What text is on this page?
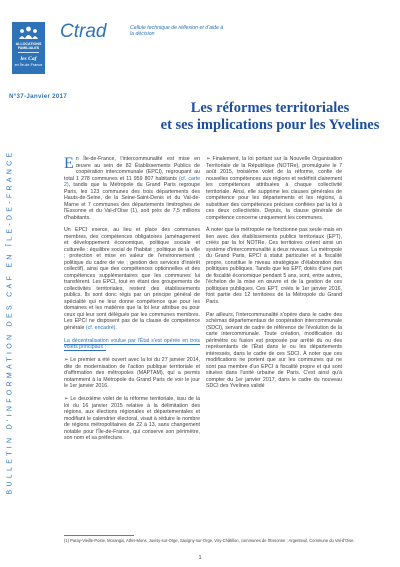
ALLOCATIONS FAMILIALES
les Caf
en Île-de-France
Ctrad	Cellule technique de réflexion et d'aide à la décision
N°37-Janvier 2017
BULLETIN D'INFORMATION DES CAF EN ÎLE-DE-FRANCE
Les réformes territoriales
et ses implications pour les Yvelines

En Île-de-France, l'intercommunalité est mise en œuvre au sein de 82 Établissements Publics de coopération intercommunale (EPCI), regroupant au total 1 278 communes et 11 959 807 habitants (cf. carte 2), tandis que la Métropole du Grand Paris regroupe Paris, les 123 communes des trois départements des Hauts-de-Seine, de la Seine-Saint-Denis et du Val-de-Marne et 7 communes des départements limitrophes de l'Essonne et du Val-d'Oise (1), soit près de 7,5 millions d'habitants.

Un EPCI exerce, au lieu et place des communes membres, des compétences obligatoires (aménagement et développement économique, politique sociale et culturelle : équilibre social de l'habitat ; politique de la ville ; protection et mise en valeur de l'environnement ; politique du cadre de vie ; gestion des services d'intérêt collectif), ainsi que des compétences optionnelles et des compétences supplémentaires que les communes lui transfèrent. Les EPCI, tout en étant des groupements de collectivités territoriales, restent des établissements publics. Ils sont donc régis par un principe général de spécialité qui ne leur donne compétence que pour les domaines et les matières que la loi leur attribue ou pour ceux qui leur sont délégués par les communes membres. Les EPCI ne disposent pas de la clause de compétence générale (cf. encadré).

La décentralisation voulue par l'État s'est opérée en trois volets principaux :

➢ Le premier a été ouvert avec la loi du 27 janvier 2014, dite de modernisation de l'action publique territoriale et d'affirmation des métropoles (MAPTAM), qui a permis notamment à la Métropole du Grand Paris de voir le jour le 1er janvier 2016.

➢ Le deuxième volet de la réforme territoriale, issu de la loi du 16 janvier 2015 relative à la délimitation des régions, aux élections régionales et départementales et modifiant le calendrier électoral, visait à réduire le nombre de régions métropolitaines de 22 à 13, sans changement notable pour l'Île-de-France, qui conserve son périmètre, son nom et sa préfecture.

➢ Finalement, la loi portant sur la Nouvelle Organisation Territoriale de la République (NOTRe), promulguée le 7 août 2015, troisième volet de la réforme, confie de nouvelles compétences aux régions et redéfinit clairement les compétences attribuées à chaque collectivité territoriale. Ainsi, elle supprime les clauses générales de compétence pour les départements et les régions, à substituer des compétences précises confiées par la loi à ces deux collectivités. Depuis, la clause générale de compétence concerne uniquement les communes.

À noter que la métropole ne fonctionne pas seule mais en lien avec des établissements publics territoriaux (EPT), créés par la loi NOTRe. Ces territoires créent ainsi un système d'intercommunalité à deux niveaux. La métropole du Grand Paris, EPCI à statut particulier et à fiscalité propre, constitue le niveau stratégique d'élaboration des politiques publiques. Tandis que les EPT, dotés d'une part de fiscalité économique pendant 5 ans, sont, entre autres, l'échelon de la mise en œuvre et de la gestion de ces politiques publiques. Ces EPT, créés le 1er janvier 2016, font partie des 12 territoires de la Métropole du Grand Paris.

Par ailleurs, l'intercommunalité s'opère dans le cadre des schémas départementaux de coopération intercommunale (SDCI), servant de cadre de référence de l'évolution de la carte intercommunale. Toute création, modification du périmètre ou fusion est proposée par arrêté du ou des représentants de l'État dans le ou les départements intéressés, dans le cadre de ces SDCI. À noter que ces modifications ne portent que sur les communes qui ne sont pas membre d'un EPCI à fiscalité propre et qui sont situées dans l'unité urbaine de Paris. C'est ainsi qu'à compter du 1er janvier 2017, dans le cadre du nouveau SDCI des Yvelines validé

(1) Paray-Vieille-Poste, Morangis, Athis-Mons, Juvisy-sur-Orge, Savigny-sur-Orge, Viry-Châtillon, communes de l'Essonne ; Argenteuil, Commune du Val-d'Oise.
1
